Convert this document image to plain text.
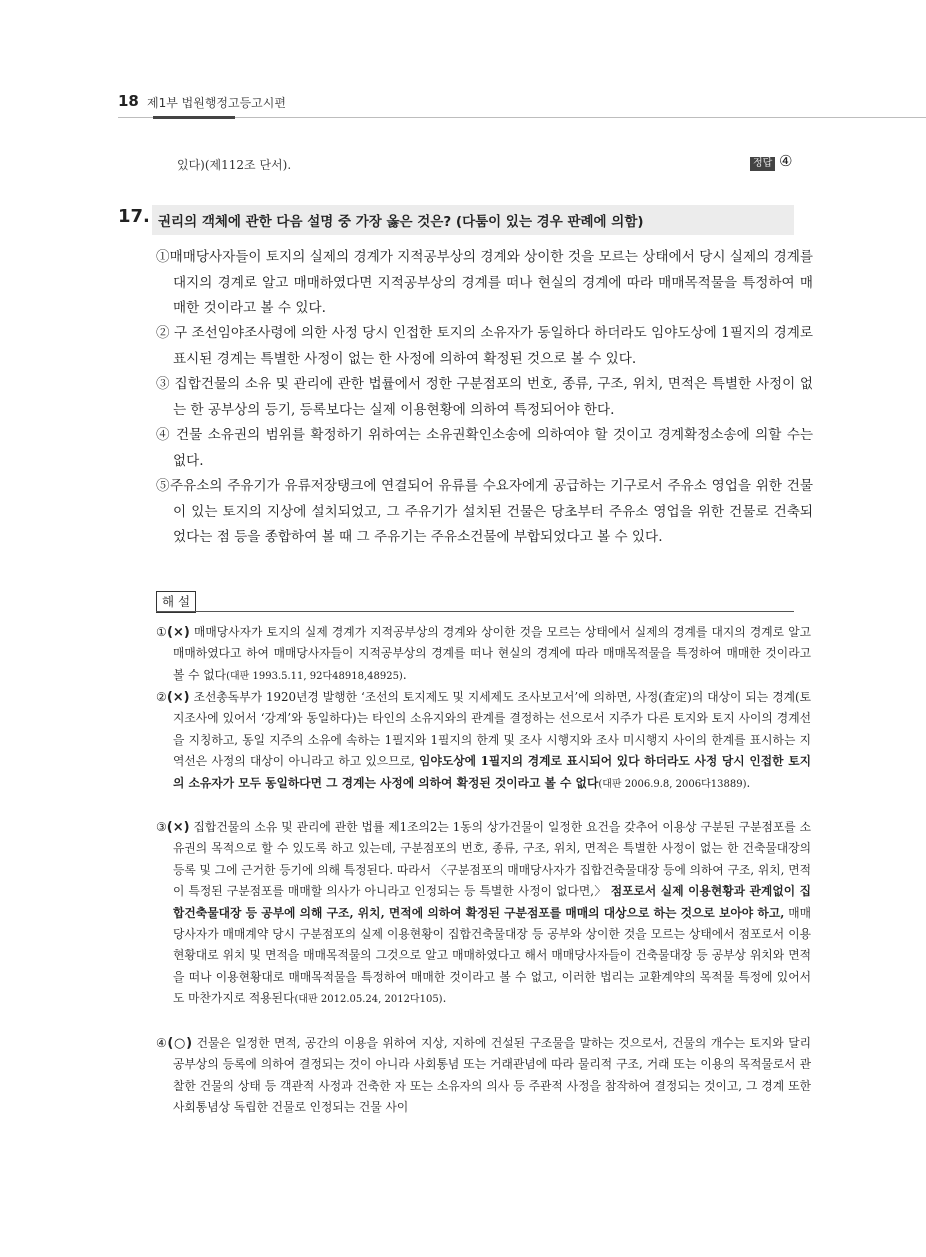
18 제1부 법원행정고등고시편
있다)(제112조 단서).	정답 ④
17. 권리의 객체에 관한 다음 설명 중 가장 옳은 것은? (다툼이 있는 경우 판례에 의함)
①매매당사자들이 토지의 실제의 경계가 지적공부상의 경계와 상이한 것을 모르는 상태에서 당시 실제의 경계를 대지의 경계로 알고 매매하였다면 지적공부상의 경계를 떠나 현실의 경계에 따라 매매목적물을 특정하여 매매한 것이라고 볼 수 있다.
② 구 조선임야조사령에 의한 사정 당시 인접한 토지의 소유자가 동일하다 하더라도 임야도상에 1필지의 경계로 표시된 경계는 특별한 사정이 없는 한 사정에 의하여 확정된 것으로 볼 수 있다.
③ 집합건물의 소유 및 관리에 관한 법률에서 정한 구분점포의 번호, 종류, 구조, 위치, 면적은 특별한 사정이 없는 한 공부상의 등기, 등록보다는 실제 이용현황에 의하여 특정되어야 한다.
④ 건물 소유권의 범위를 확정하기 위하여는 소유권확인소송에 의하여야 할 것이고 경계확정소송에 의할 수는 없다.
⑤주유소의 주유기가 유류저장탱크에 연결되어 유류를 수요자에게 공급하는 기구로서 주유소 영업을 위한 건물이 있는 토지의 지상에 설치되었고, 그 주유기가 설치된 건물은 당초부터 주유소 영업을 위한 건물로 건축되었다는 점 등을 종합하여 볼 때 그 주유기는 주유소건물에 부합되었다고 볼 수 있다.
해 설
①(×) 매매당사자가 토지의 실제 경계가 지적공부상의 경계와 상이한 것을 모르는 상태에서 실제의 경계를 대지의 경계로 알고 매매하였다고 하여 매매당사자들이 지적공부상의 경계를 떠나 현실의 경계에 따라 매매목적물을 특정하여 매매한 것이라고 볼 수 없다(대판 1993.5.11, 92다48918,48925).
②(×) 조선총독부가 1920년경 발행한 ‘조선의 토지제도 및 지세제도 조사보고서’에 의하면, 사정(査定)의 대상이 되는 경계(토지조사에 있어서 ‘강계’와 동일하다)는 타인의 소유지와의 관계를 결정하는 선으로서 지주가 다른 토지와 토지 사이의 경계선을 지칭하고, 동일 지주의 소유에 속하는 1필지와 1필지의 한계 및 조사 시행지와 조사 미시행지 사이의 한계를 표시하는 지역선은 사정의 대상이 아니라고 하고 있으므로, 임야도상에 1필지의 경계로 표시되어 있다 하더라도 사정 당시 인접한 토지의 소유자가 모두 동일하다면 그 경계는 사정에 의하여 확정된 것이라고 볼 수 없다(대판 2006.9.8, 2006다13889).
③(×) 집합건물의 소유 및 관리에 관한 법률 제1조의2는 1동의 상가건물이 일정한 요건을 갖추어 이용상 구분된 구분점포를 소유권의 목적으로 할 수 있도록 하고 있는데, 구분점포의 번호, 종류, 구조, 위치, 면적은 특별한 사정이 없는 한 건축물대장의 등록 및 그에 근거한 등기에 의해 특정된다. 따라서 〈구분점포의 매매당사자가 집합건축물대장 등에 의하여 구조, 위치, 면적이 특정된 구분점포를 매매할 의사가 아니라고 인정되는 등 특별한 사정이 없다면,〉 점포로서 실제 이용현황과 관계없이 집합건축물대장 등 공부에 의해 구조, 위치, 면적에 의하여 확정된 구분점포를 매매의 대상으로 하는 것으로 보아야 하고, 매매당사자가 매매계약 당시 구분점포의 실제 이용현황이 집합건축물대장 등 공부와 상이한 것을 모르는 상태에서 점포로서 이용현황대로 위치 및 면적을 매매목적물의 그것으로 알고 매매하였다고 해서 매매당사자들이 건축물대장 등 공부상 위치와 면적을 떠나 이용현황대로 매매목적물을 특정하여 매매한 것이라고 볼 수 없고, 이러한 법리는 교환계약의 목적물 특정에 있어서도 마찬가지로 적용된다(대판 2012.05.24, 2012다105).
④(○) 건물은 일정한 면적, 공간의 이용을 위하여 지상, 지하에 건설된 구조물을 말하는 것으로서, 건물의 개수는 토지와 달리 공부상의 등록에 의하여 결정되는 것이 아니라 사회통념 또는 거래관념에 따라 물리적 구조, 거래 또는 이용의 목적물로서 관찰한 건물의 상태 등 객관적 사정과 건축한 자 또는 소유자의 의사 등 주관적 사정을 참작하여 결정되는 것이고, 그 경계 또한 사회통념상 독립한 건물로 인정되는 건물 사이
